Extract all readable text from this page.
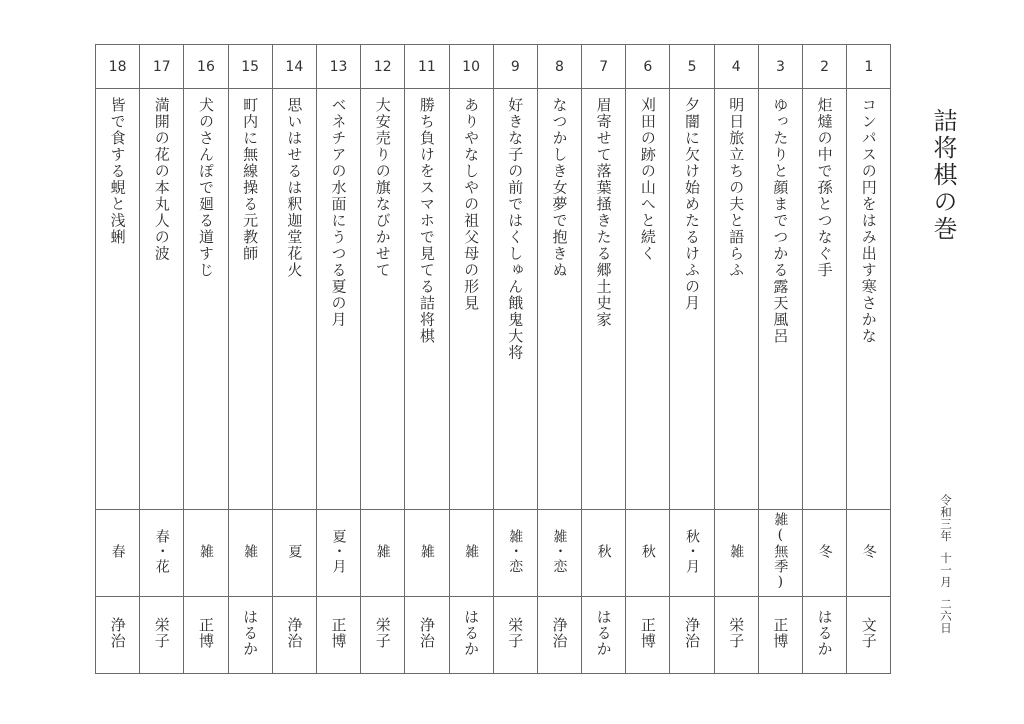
18	17	16	15	14	13	12	11	10	9	8	7	6	5	4	3	2	1
皆で食する蜆と浅蜊	満開の花の本丸人の波	犬のさんぽで廻る道すじ	町内に無線操る元教師	思いはせるは釈迦堂花火	ベネチアの水面にうつる夏の月	大安売りの旗なびかせて	勝ち負けをスマホで見てる詰将棋	ありやなしやの祖父母の形見	好きな子の前ではくしゅん餓鬼大将	なつかしき女夢で抱きぬ	眉寄せて落葉掻きたる郷土史家	刈田の跡の山へと続く	夕闇に欠け始めたるけふの月	明日旅立ちの夫と語らふ	ゆったりと顔までつかる露天風呂	炬燵の中で孫とつなぐ手	コンパスの円をはみ出す寒さかな
春	春・花	雑	雑	夏	夏・月	雑	雑	雑	雑・恋	雑・恋	秋	秋	秋・月	雑	雑(無季)	冬	冬
浄治	栄子	正博	はるか	浄治	正博	栄子	浄治	はるか	栄子	浄治	はるか	正博	浄治	栄子	正博	はるか	文子
詰将棋の巻
令和三年
十一月
二六日
